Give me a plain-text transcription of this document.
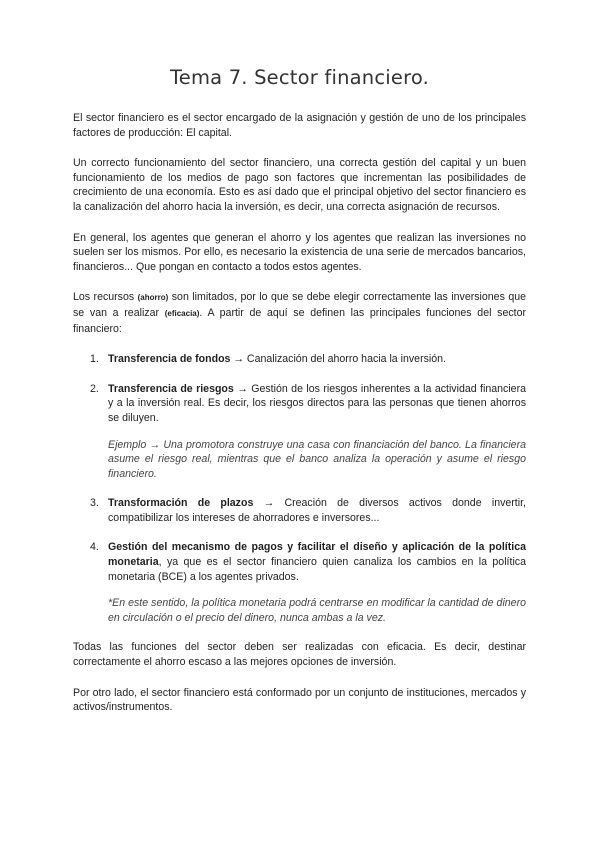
Tema 7. Sector financiero.

El sector financiero es el sector encargado de la asignación y gestión de uno de los principales factores de producción: El capital.

Un correcto funcionamiento del sector financiero, una correcta gestión del capital y un buen funcionamiento de los medios de pago son factores que incrementan las posibilidades de crecimiento de una economía. Esto es así dado que el principal objetivo del sector financiero es la canalización del ahorro hacia la inversión, es decir, una correcta asignación de recursos.

En general, los agentes que generan el ahorro y los agentes que realizan las inversiones no suelen ser los mismos. Por ello, es necesario la existencia de una serie de mercados bancarios, financieros... Que pongan en contacto a todos estos agentes.

Los recursos (ahorro) son limitados, por lo que se debe elegir correctamente las inversiones que se van a realizar (eficacia). A partir de aquí se definen las principales funciones del sector financiero:

1. Transferencia de fondos → Canalización del ahorro hacia la inversión.
2. Transferencia de riesgos → Gestión de los riesgos inherentes a la actividad financiera y a la inversión real. Es decir, los riesgos directos para las personas que tienen ahorros se diluyen.
Ejemplo → Una promotora construye una casa con financiación del banco. La financiera asume el riesgo real, mientras que el banco analiza la operación y asume el riesgo financiero.
3. Transformación de plazos → Creación de diversos activos donde invertir, compatibilizar los intereses de ahorradores e inversores...
4. Gestión del mecanismo de pagos y facilitar el diseño y aplicación de la política monetaria, ya que es el sector financiero quien canaliza los cambios en la política monetaria (BCE) a los agentes privados.
*En este sentido, la política monetaria podrá centrarse en modificar la cantidad de dinero en circulación o el precio del dinero, nunca ambas a la vez.

Todas las funciones del sector deben ser realizadas con eficacia. Es decir, destinar correctamente el ahorro escaso a las mejores opciones de inversión.

Por otro lado, el sector financiero está conformado por un conjunto de instituciones, mercados y activos/instrumentos.
